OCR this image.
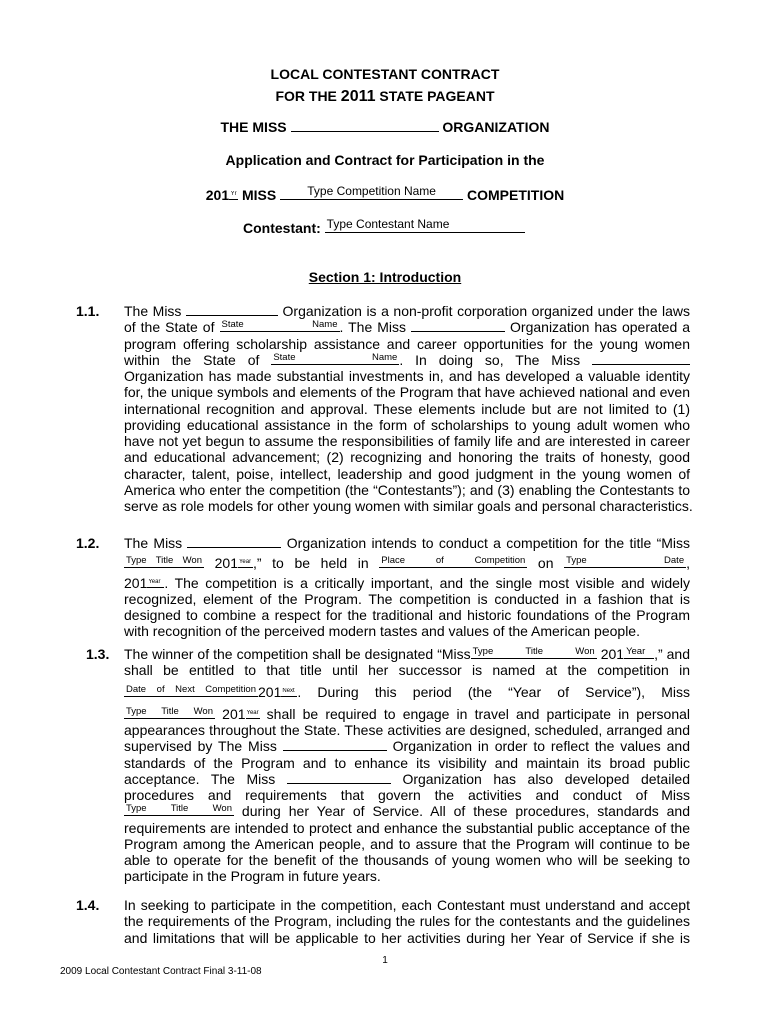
LOCAL CONTESTANT CONTRACT
FOR THE 2011 STATE PAGEANT
THE MISS	ORGANIZATION
Application and Contract for Participation in the
201 Yr MISS	Type Competition Name COMPETITION
Contestant: Type Contestant Name
Section 1: Introduction
1.1. The Miss	Organization is a non-profit corporation organized under the laws
of the State of State Name . The Miss	Organization has operated a
program offering scholarship assistance and career opportunities for the young women
within the State of State Name . In doing so, The Miss
Organization has made substantial investments in, and has developed a valuable identity
for, the unique symbols and elements of the Program that have achieved national and even
international recognition and approval. These elements include but are not limited to (1)
providing educational assistance in the form of scholarships to young adult women who
have not yet begun to assume the responsibilities of family life and are interested in career
and educational advancement; (2) recognizing and honoring the traits of honesty, good
character, talent, poise, intellect, leadership and good judgment in the young women of
America who enter the competition (the “Contestants”); and (3) enabling the Contestants to
serve as role models for other young women with similar goals and personal characteristics.
1.2. The Miss	Organization intends to conduct a competition for the title “Miss
Type Title Won 201Year ,” to be held in Place of Competition on Type Date ,
201Year . The competition is a critically important, and the single most visible and widely
recognized, element of the Program. The competition is conducted in a fashion that is
designed to combine a respect for the traditional and historic foundations of the Program
with recognition of the perceived modern tastes and values of the American people.
1.3. The winner of the competition shall be designated “Miss Type Title Won 201 Year ,” and
shall be entitled to that title until her successor is named at the competition in
Date of Next Competition 201Next . During this period (the “Year of Service”), Miss
Type Title Won 201Year shall be required to engage in travel and participate in personal
appearances throughout the State. These activities are designed, scheduled, arranged and
supervised by The Miss	Organization in order to reflect the values and
standards of the Program and to enhance its visibility and maintain its broad public
acceptance. The Miss	Organization has also developed detailed
procedures and requirements that govern the activities and conduct of Miss
Type Title Won during her Year of Service. All of these procedures, standards and
requirements are intended to protect and enhance the substantial public acceptance of the
Program among the American people, and to assure that the Program will continue to be
able to operate for the benefit of the thousands of young women who will be seeking to
participate in the Program in future years.
1.4. In seeking to participate in the competition, each Contestant must understand and accept
the requirements of the Program, including the rules for the contestants and the guidelines
and limitations that will be applicable to her activities during her Year of Service if she is
1
2009 Local Contestant Contract Final 3-11-08
